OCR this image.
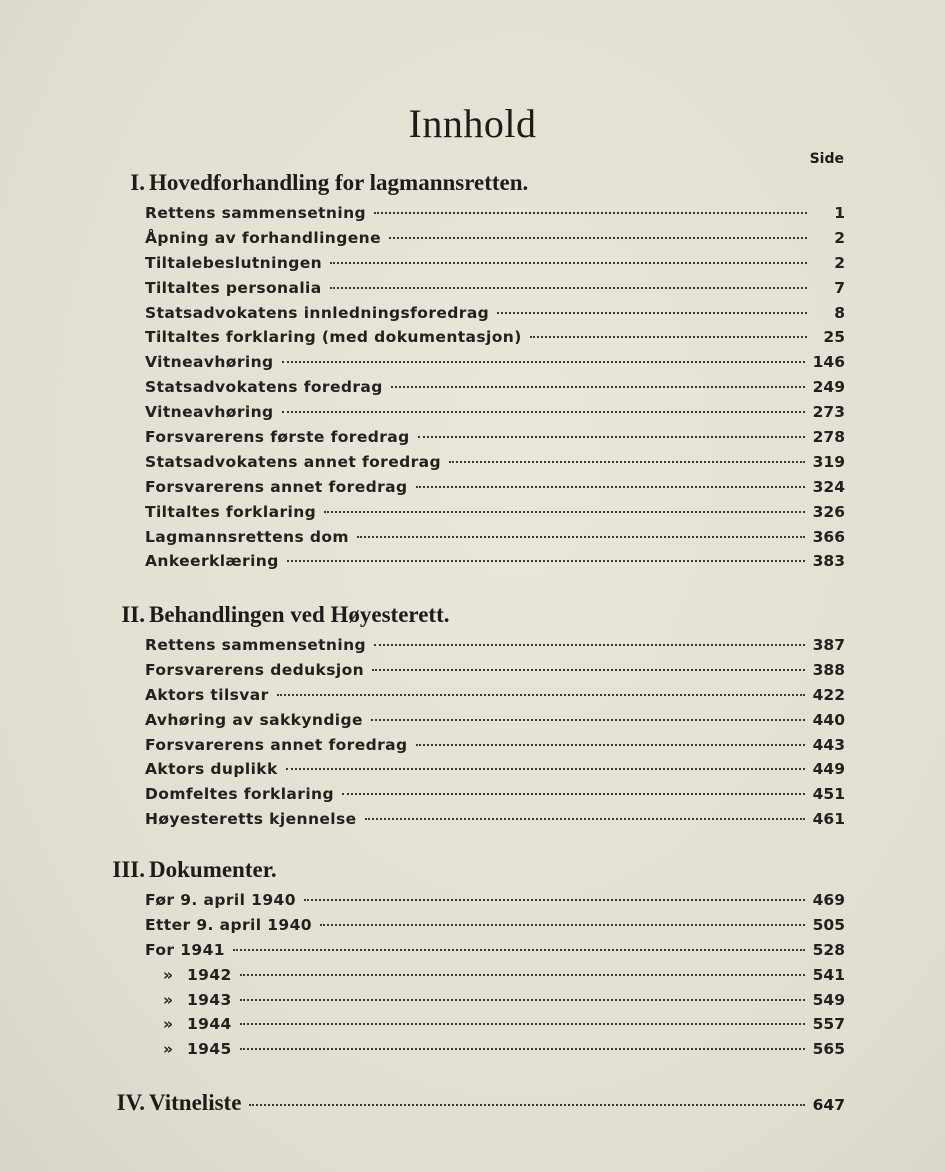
Innhold
Side
I. Hovedforhandling for lagmannsretten.
Rettens sammensetning	1
Åpning av forhandlingene	2
Tiltalebeslutningen	2
Tiltaltes personalia	7
Statsadvokatens innledningsforedrag	8
Tiltaltes forklaring (med dokumentasjon)	25
Vitneavhøring	146
Statsadvokatens foredrag	249
Vitneavhøring	273
Forsvarerens første foredrag	278
Statsadvokatens annet foredrag	319
Forsvarerens annet foredrag	324
Tiltaltes forklaring	326
Lagmannsrettens dom	366
Ankeerklæring	383
II. Behandlingen ved Høyesterett.
Rettens sammensetning	387
Forsvarerens deduksjon	388
Aktors tilsvar	422
Avhøring av sakkyndige	440
Forsvarerens annet foredrag	443
Aktors duplikk	449
Domfeltes forklaring	451
Høyesteretts kjennelse	461
III. Dokumenter.
Før 9. april 1940	469
Etter 9. april 1940	505
For 1941	528
» 1942	541
» 1943	549
» 1944	557
» 1945	565
IV. Vitneliste	647
